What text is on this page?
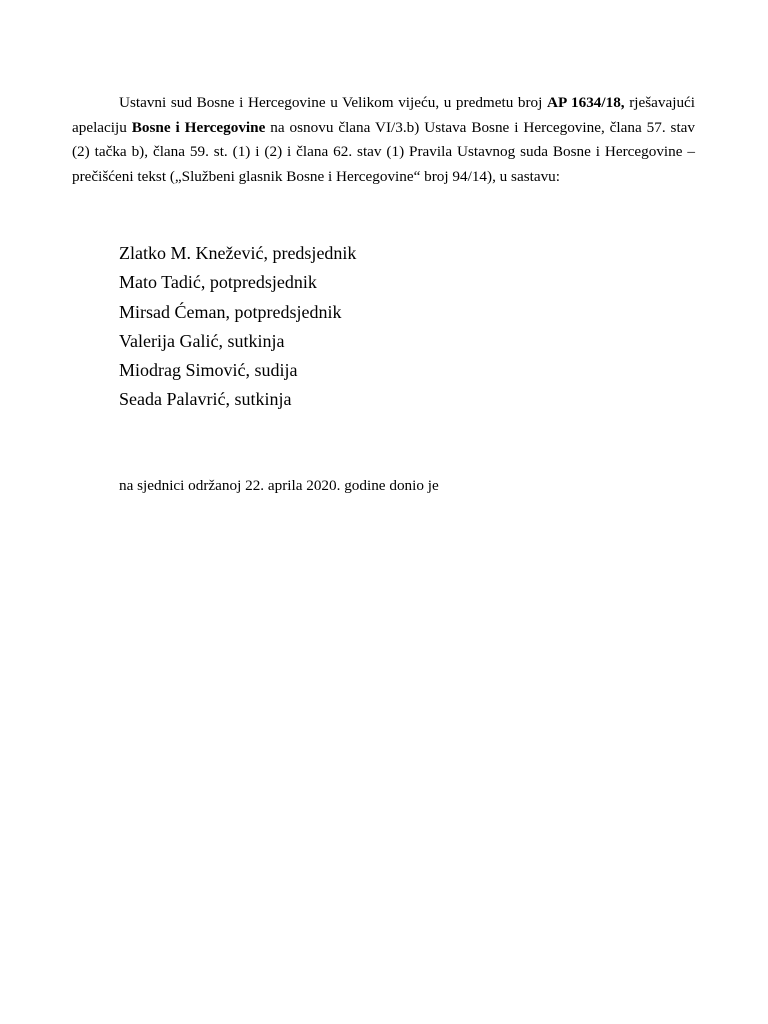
Ustavni sud Bosne i Hercegovine u Velikom vijeću, u predmetu broj AP 1634/18, rješavajući apelaciju Bosne i Hercegovine na osnovu člana VI/3.b) Ustava Bosne i Hercegovine, člana 57. stav (2) tačka b), člana 59. st. (1) i (2) i člana 62. stav (1) Pravila Ustavnog suda Bosne i Hercegovine – prečišćeni tekst („Službeni glasnik Bosne i Hercegovine“ broj 94/14), u sastavu:

Zlatko M. Knežević, predsjednik
Mato Tadić, potpredsjednik
Mirsad Ćeman, potpredsjednik
Valerija Galić, sutkinja
Miodrag Simović, sudija
Seada Palavrić, sutkinja

na sjednici održanoj 22. aprila 2020. godine donio je
